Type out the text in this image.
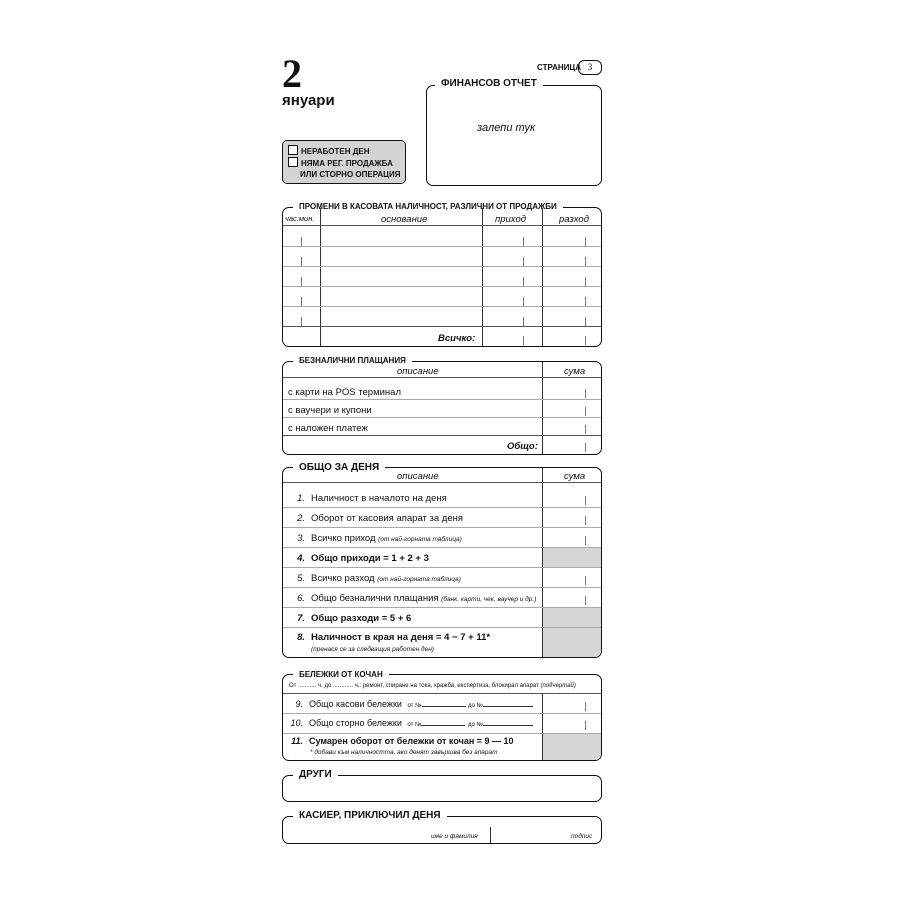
2
януари
СТРАНИЦА 3
ФИНАНСОВ ОТЧЕТ
залепи тук
НЕРАБОТЕН ДЕН
НЯМА РЕГ. ПРОДАЖБА
ИЛИ СТОРНО ОПЕРАЦИЯ
ПРОМЕНИ В КАСОВАТА НАЛИЧНОСТ, РАЗЛИЧНИ ОТ ПРОДАЖБИ
час:мин.	основание	приход	разход
Всичко:
БЕЗНАЛИЧНИ ПЛАЩАНИЯ
описание	сума
с карти на POS терминал
с ваучери и купони
с наложен платеж
Общо:
ОБЩО ЗА ДЕНЯ
описание	сума
1. Наличност в началото на деня
2. Оборот от касовия апарат за деня
3. Всичко приход (от най-горната таблица)
4. Общо приходи = 1 + 2 + 3
5. Всичко разход (от най-горната таблица)
6. Общо безналични плащания (банк. карти, чек, ваучер и др.)
7. Общо разходи = 5 + 6
8. Наличност в края на деня = 4 − 7 + 11*
(пренася се за следващия работен ден)
БЕЛЕЖКИ ОТ КОЧАН
От ........... ч. до ............ ч.: ремонт, спиране на тока, кражба, експертиза, блокирал апарат (подчертай)
9. Общо касови бележки от №	до №
10. Общо сторно бележки от №	до №
11. Сумарен оборот от бележки от кочан = 9 — 10
* добави към наличността, ако денят завършва без апарат
ДРУГИ
КАСИЕР, ПРИКЛЮЧИЛ ДЕНЯ
име и фамилия	подпис
